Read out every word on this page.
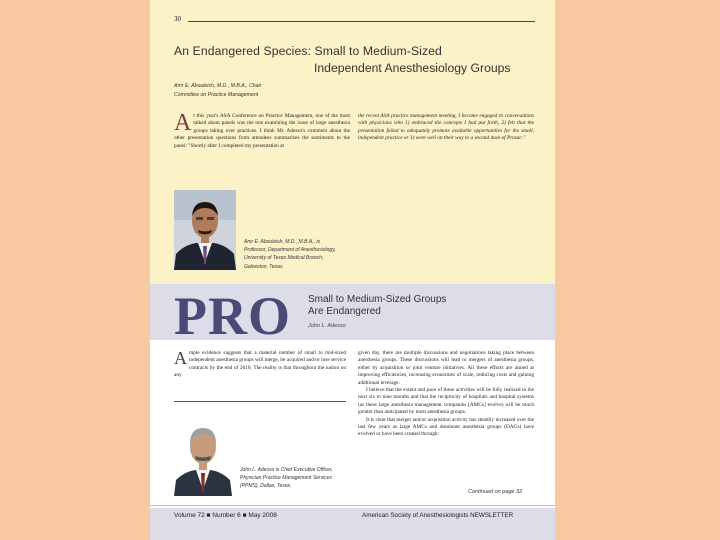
30
An Endangered Species: Small to Medium-Sized
Independent Anesthesiology Groups
Amr E. Abouleish, M.D., M.B.A., Chair
Committee on Practice Management
At this year's ASA Conference on Practice Management, one of the most talked about panels was the one examining the issue of large anesthesia groups taking over practices. I think Mr. Adesso's comment about the other presentation questions from attendees summarizes the sentiments to the panel: "Shortly after I completed my presentation at
the recent ASA practice management meeting, I became engaged in conversations with physicians who 1) embraced the concepts I had put forth, 2) felt that the presentation failed to adequately promote available opportunities for the small, independent practice or 3) were well on their way to a second dose of Prozac."
Amr E. Abouleish, M.D., M.B.A., is
Professor, Department of Anesthesiology,
University of Texas Medical Branch,
Galveston, Texas.
PRO Small to Medium-Sized Groups
Are Endangered
John L. Adesso
Ample evidence suggests that a material number of small to mid-sized independent anesthesia groups will merge, be acquired and/or lose service contracts by the end of 2010. The reality is that throughout the nation on any
given day, there are multiple discussions and negotiations taking place between anesthesia groups. These discussions will lead to mergers of anesthesia groups, either by acquisition or joint venture initiatives. All these efforts are aimed at improving efficiencies, increasing economies of scale, reducing costs and gaining additional leverage.
I believe that the extent and pace of these activities will be fully realized in the next six to nine months and that the reciprocity of hospitals and hospital systems (as these large anesthesia management companies [AMCs] evolve) will be much greater than anticipated by most anesthesia groups.
It is clear that merger and/or acquisition activity has steadily increased over the last few years as large AMCs and dominant anesthesia groups (DAGs) have evolved or have been created through:
John L. Adesso is Chief Executive Officer,
Physician Practice Management Services
(PPMS), Dallas, Texas.
Continued on page 32
Volume 72 ■ Number 6 ■ May 2008	American Society of Anesthesiologists NEWSLETTER
